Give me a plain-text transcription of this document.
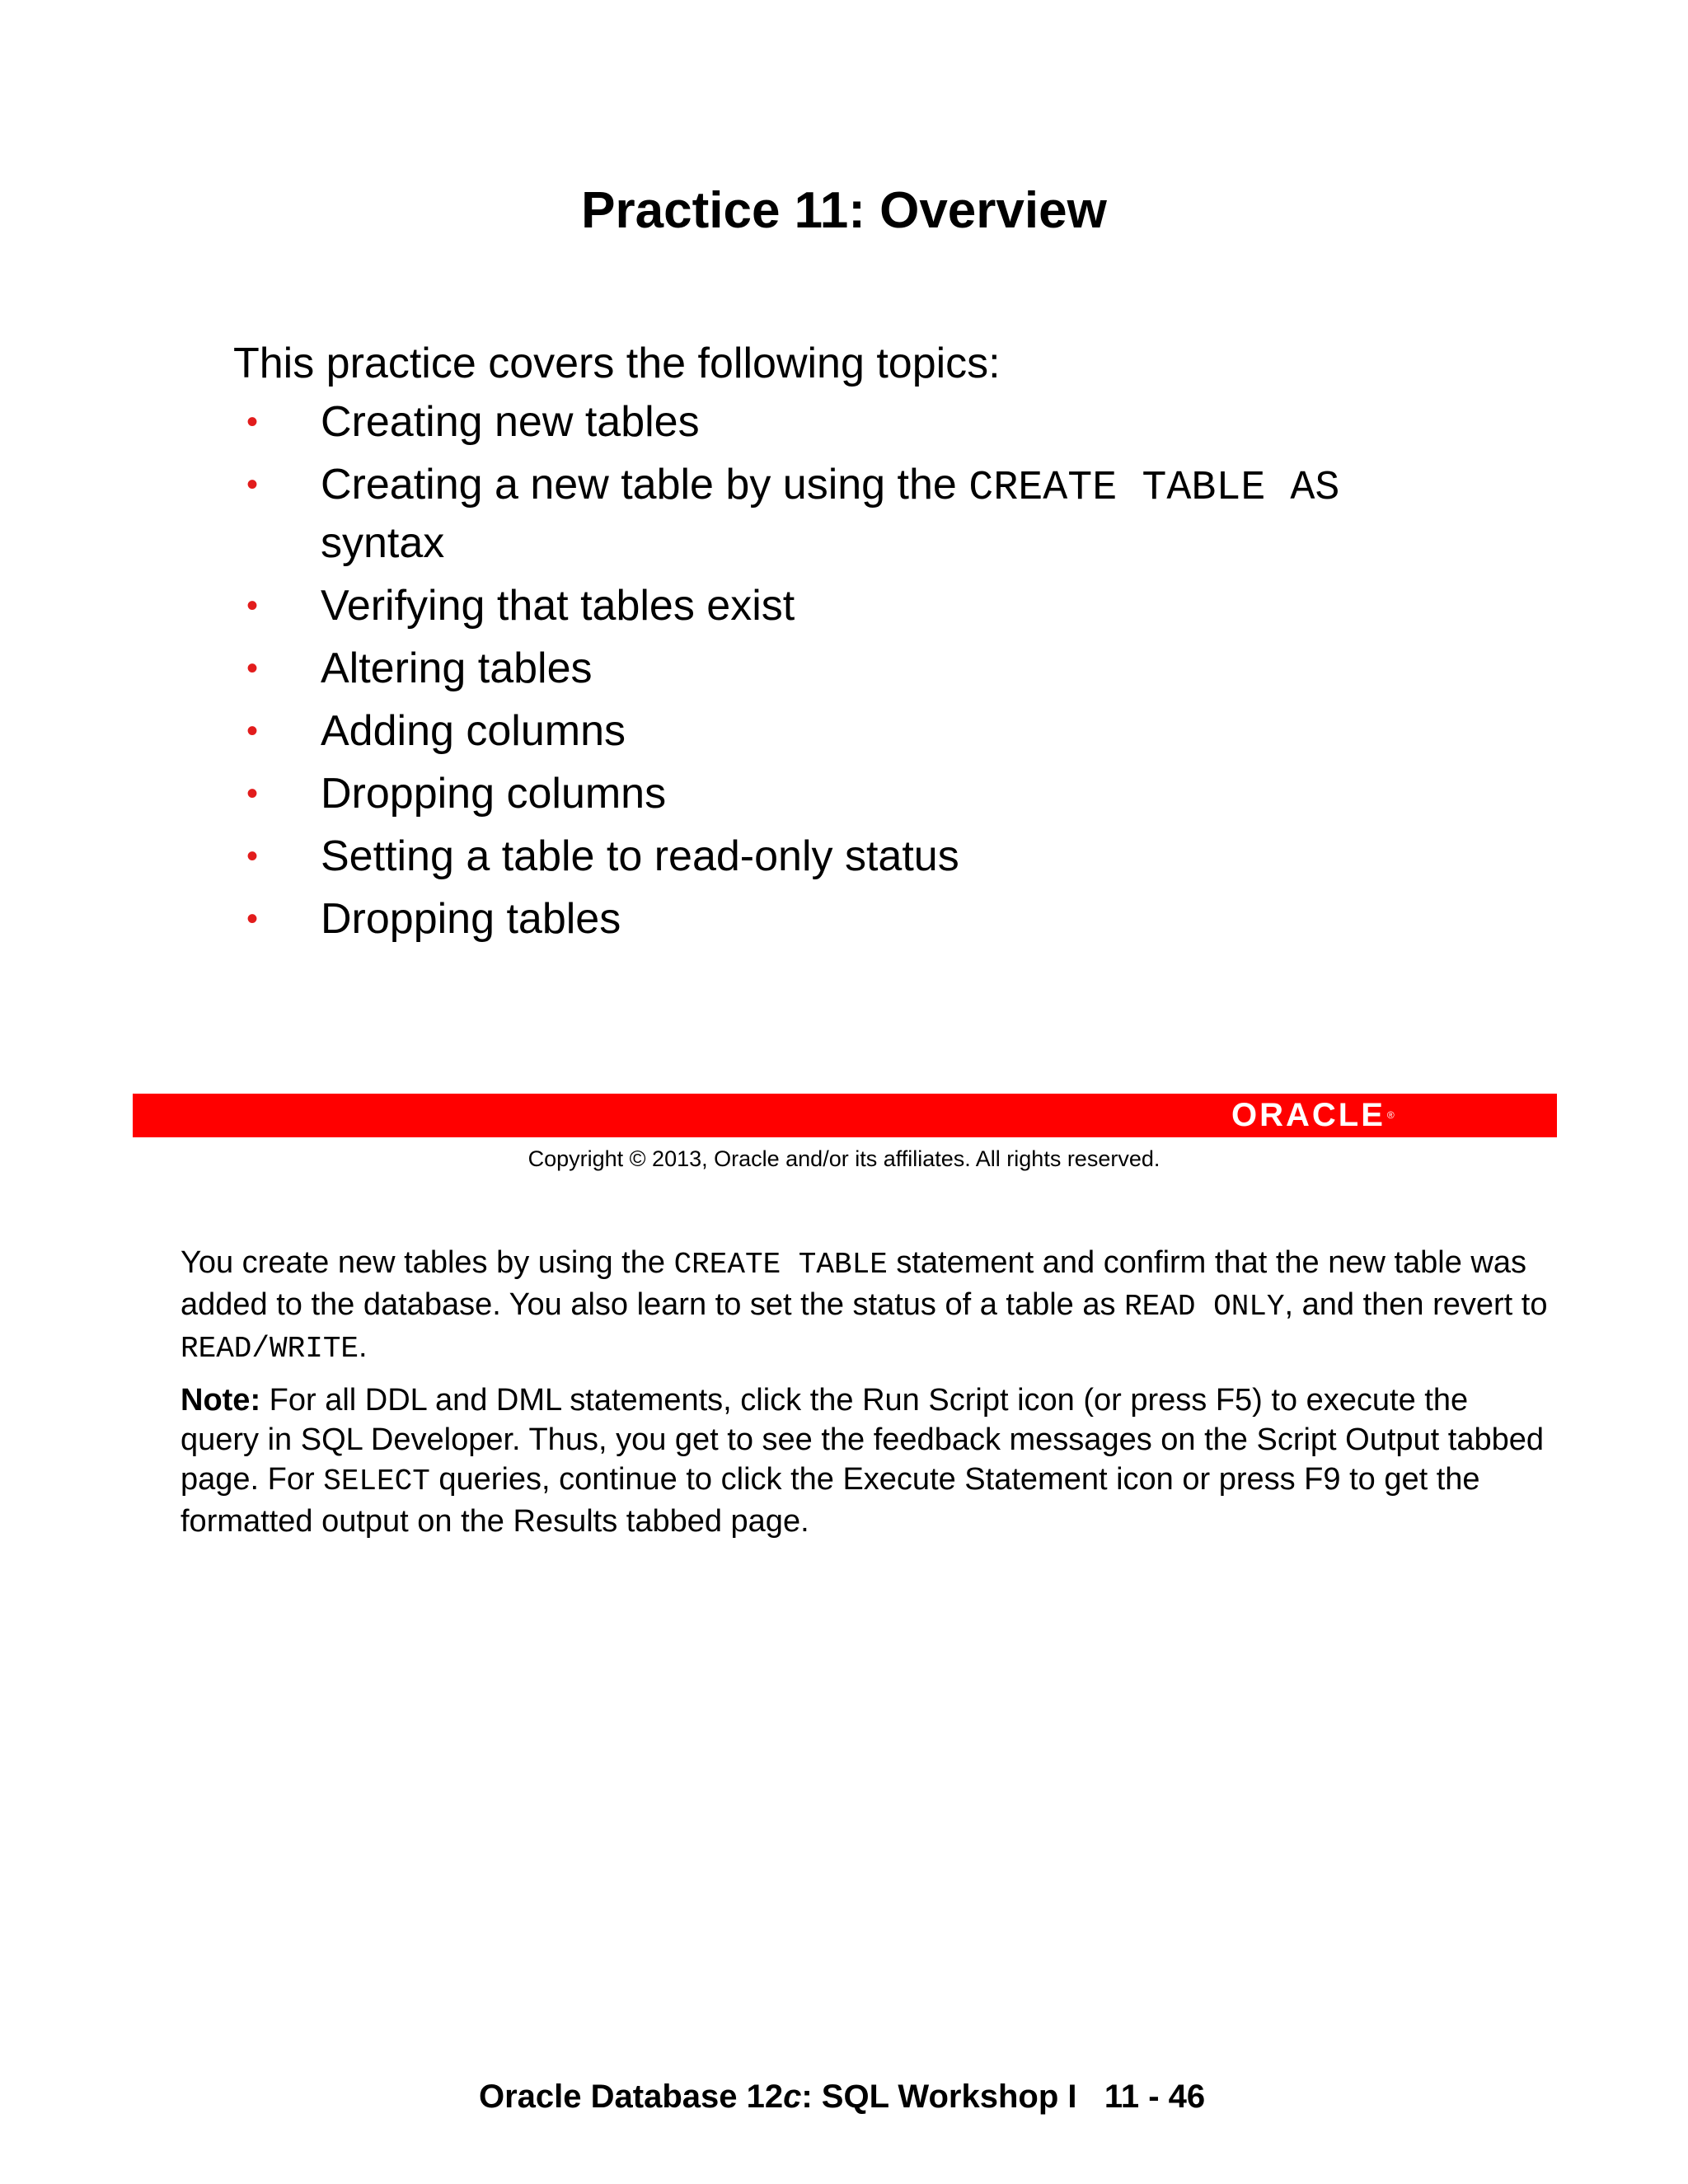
Practice 11: Overview

This practice covers the following topics:

• Creating new tables
• Creating a new table by using the CREATE TABLE AS syntax
• Verifying that tables exist
• Altering tables
• Adding columns
• Dropping columns
• Setting a table to read-only status
• Dropping tables
ORACLE ®

Copyright © 2013, Oracle and/or its affiliates. All rights reserved.

You create new tables by using the CREATE TABLE statement and confirm that the new table was added to the database. You also learn to set the status of a table as READ ONLY, and then revert to READ/WRITE.

Note: For all DDL and DML statements, click the Run Script icon (or press F5) to execute the query in SQL Developer. Thus, you get to see the feedback messages on the Script Output tabbed page. For SELECT queries, continue to click the Execute Statement icon or press F9 to get the formatted output on the Results tabbed page.

Oracle Database 12c: SQL Workshop I 11 - 46
